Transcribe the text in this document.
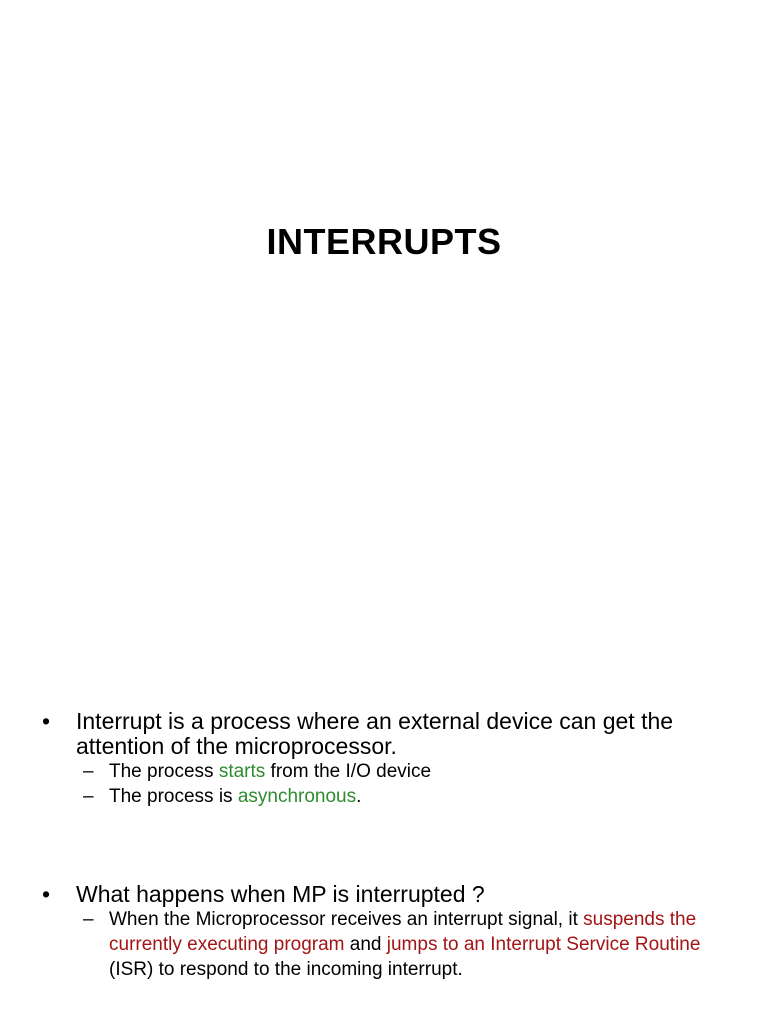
INTERRUPTS
•	Interrupt is a process where an external device can get the attention of the microprocessor.
– The process starts from the I/O device
– The process is asynchronous.
•	What happens when MP is interrupted ?
– When the Microprocessor receives an interrupt signal, it suspends the currently executing program and jumps to an Interrupt Service Routine (ISR) to respond to the incoming interrupt.
